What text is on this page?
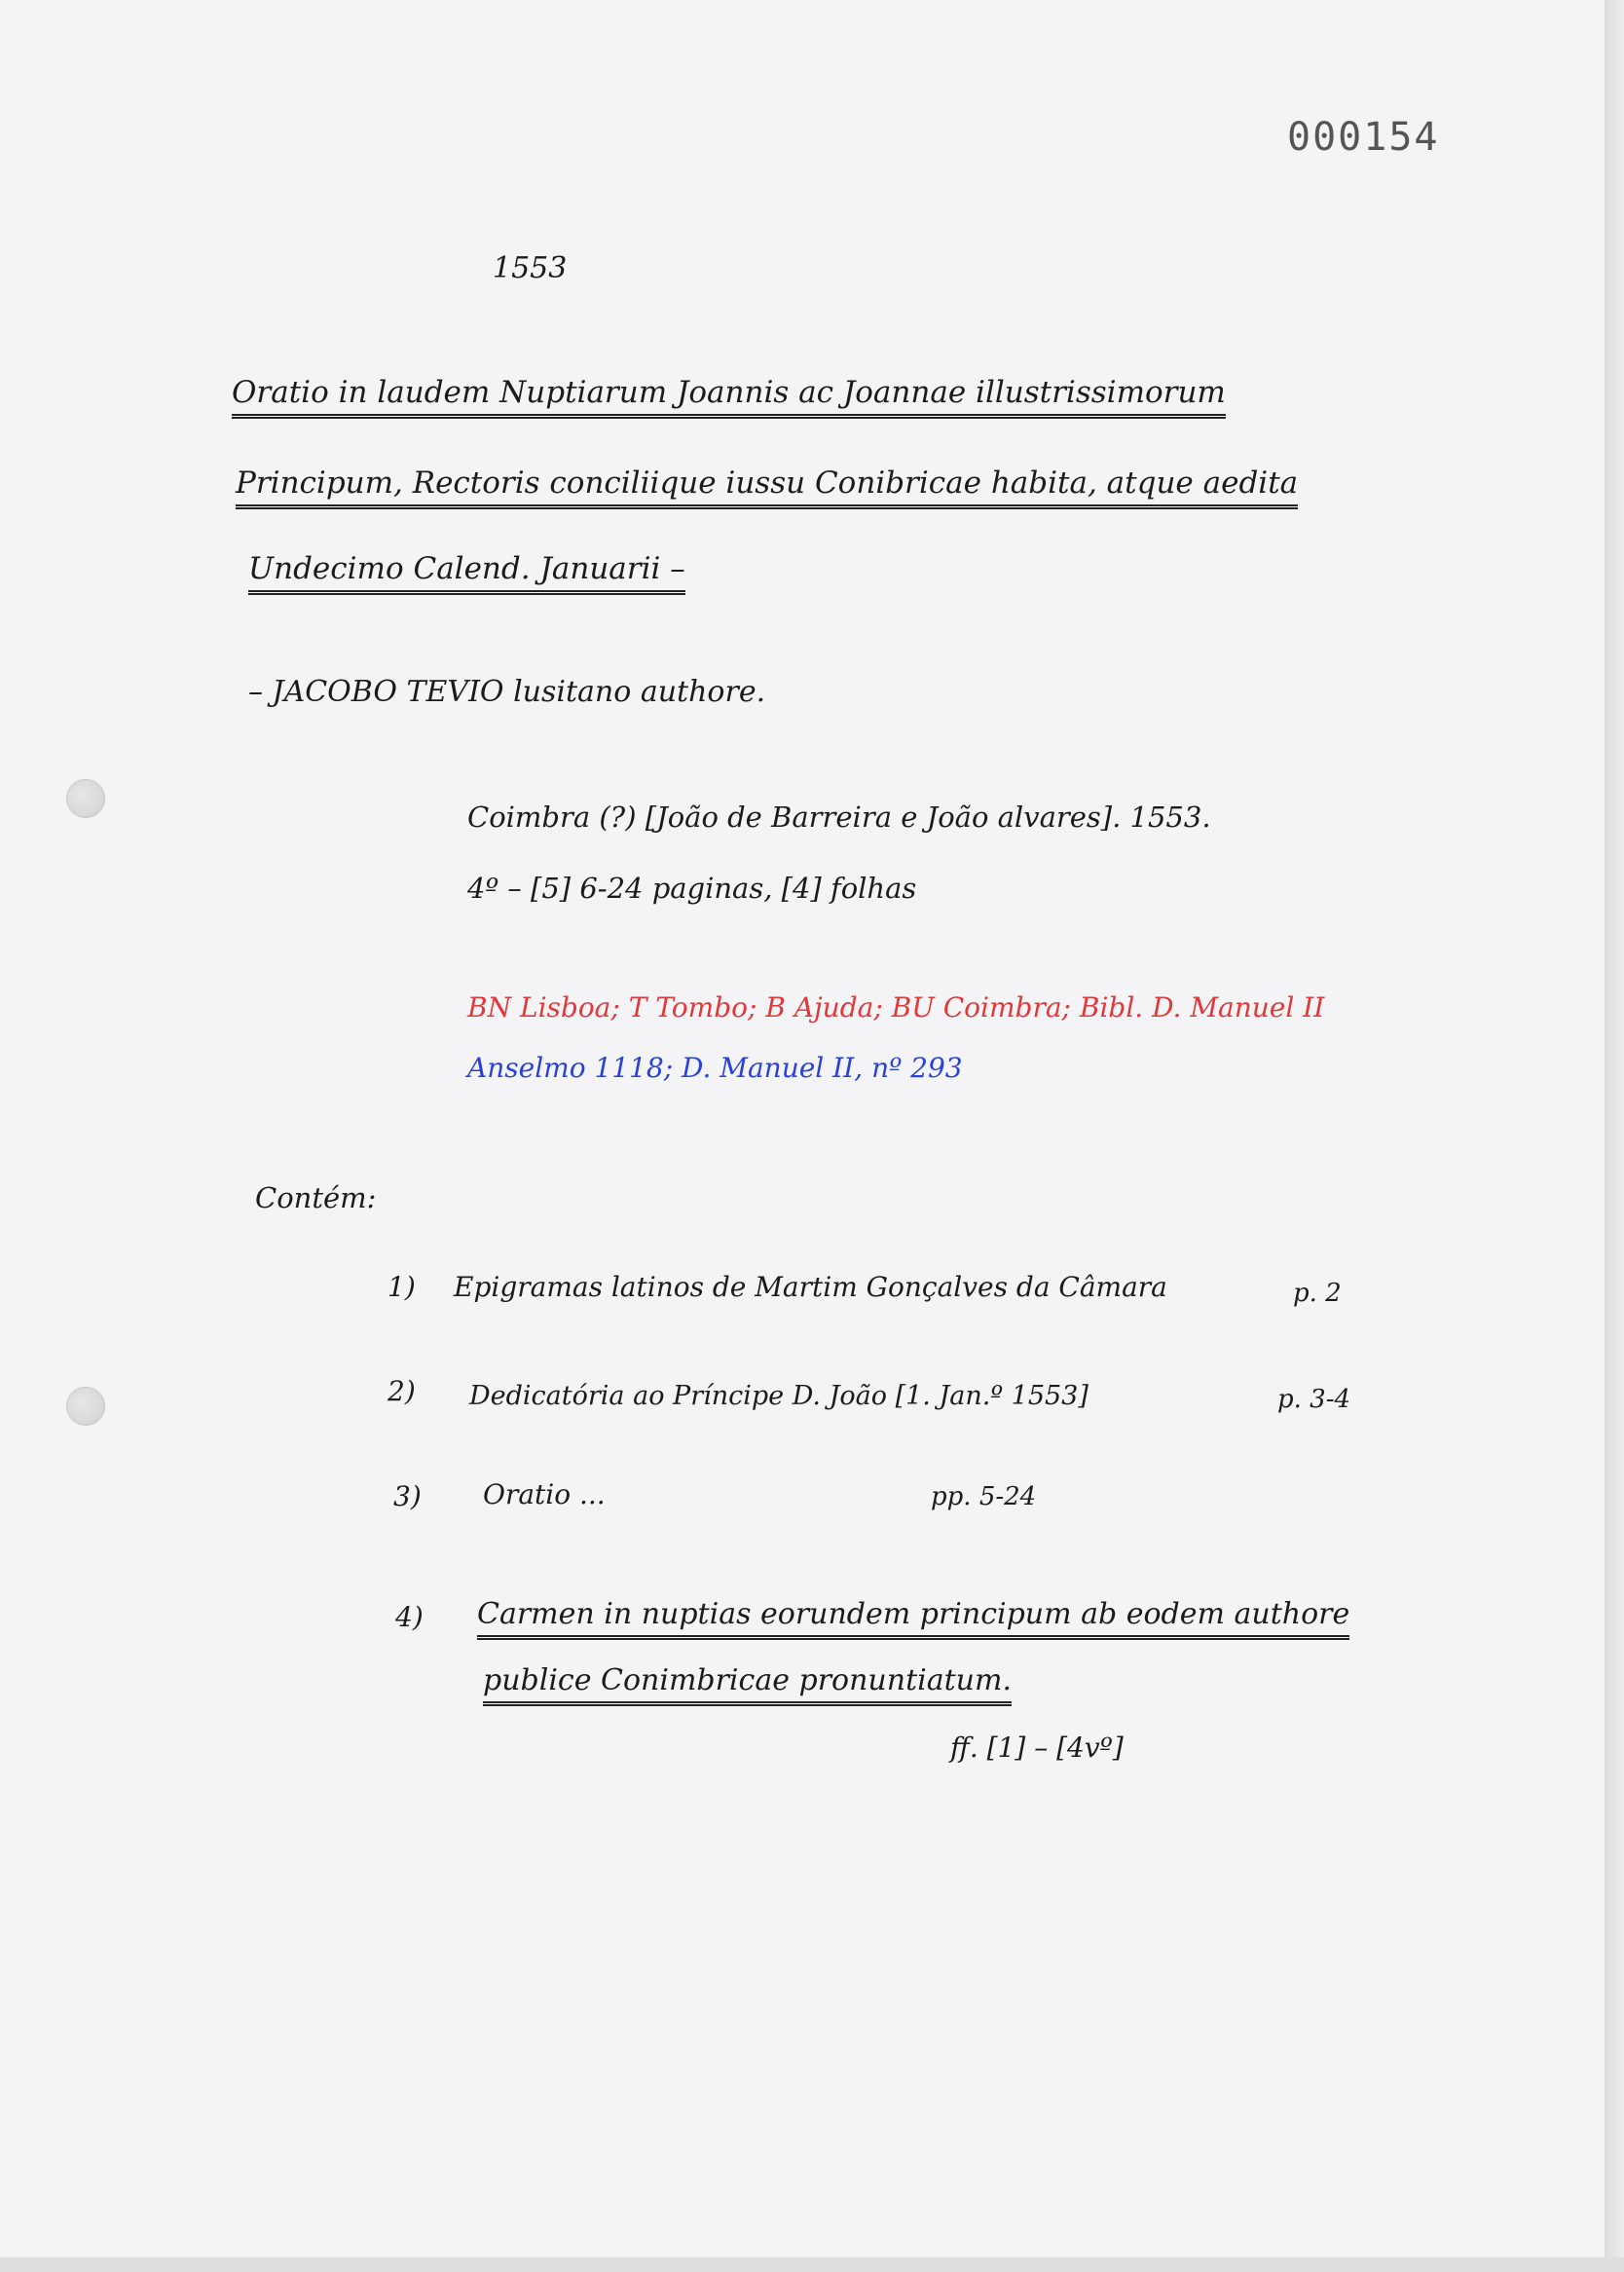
000154
1553
Oratio in laudem Nuptiarum Joannis ac Joannae illustrissimorum
Principum, Rectoris conciliique iussu Conibricae habita, atque aedita
Undecimo Calend. Januarii –
– JACOBO TEVIO lusitano authore.
Coimbra (?) [João de Barreira e João alvares]. 1553.
4º – [5] 6-24 paginas, [4] folhas
BN Lisboa; T Tombo; B Ajuda; BU Coimbra; Bibl. D. Manuel II
Anselmo 1118; D. Manuel II, nº 293
Contém:
1) Epigramas latinos de Martim Gonçalves da Câmara	p. 2
2) Dedicatória ao Príncipe D. João [1. Jan.º 1553]	p. 3-4
3) Oratio ...	pp. 5-24
4) Carmen in nuptias eorundem principum ab eodem authore
publice Conimbricae pronuntiatum.
ff. [1] – [4vº]
